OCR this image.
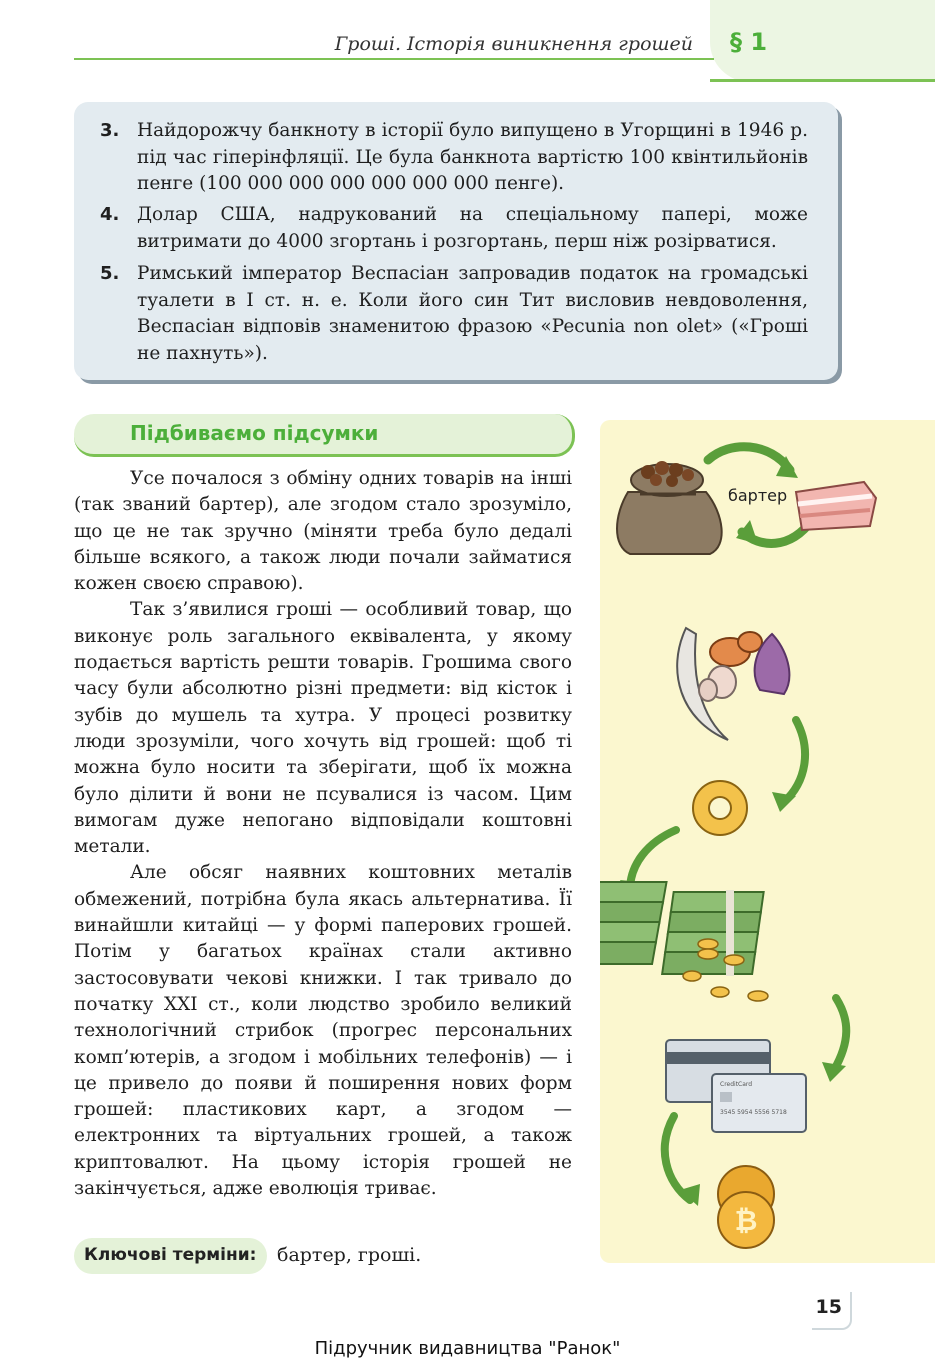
Гроші. Історія виникнення грошей § 1
3. Найдорожчу банкноту в історії було випущено в Угорщині в 1946 р. під час гіперінфляції. Це була банкнота вартістю 100 квінтильйонів пенге (100 000 000 000 000 000 000 пенге).
4. Долар США, надрукований на спеціальному папері, може витримати до 4000 згортань і розгортань, перш ніж розірватися.
5. Римський імператор Веспасіан запровадив податок на громадські туалети в I ст. н. е. Коли його син Тит висловив невдоволення, Веспасіан відповів знаменитою фразою «Pecunia non olet» («Гроші не пахнуть»).
Підбиваємо підсумки

Усе почалося з обміну одних товарів на інші (так званий бартер), але згодом стало зрозуміло, що це не так зручно (міняти треба було дедалі більше всякого, а також люди почали займатися кожен своєю справою).

Так з’явилися гроші — особливий товар, що виконує роль загального еквівалента, у якому подається вартість решти товарів. Грошима свого часу були абсолютно різні предмети: від кісток і зубів до мушель та хутра. У процесі розвитку люди зрозуміли, чого хочуть від грошей: щоб ті можна було носити та зберігати, щоб їх можна було ділити й вони не псувалися із часом. Цим вимогам дуже непогано відповідали коштовні метали.

Але обсяг наявних коштовних металів обмежений, потрібна була якась альтернатива. Її винайшли китайці — у формі паперових грошей. Потім у багатьох країнах стали активно застосовувати чекові книжки. І так тривало до початку XXI ст., коли людство зробило великий технологічний стрибок (прогрес персональних комп’ютерів, а згодом і мобільних телефонів) — і це привело до появи й поширення нових форм грошей: пластикових карт, а згодом — електронних та віртуальних грошей, а також криптовалют. На цьому історія грошей не закінчується, адже еволюція триває.

Ключові терміни: бартер, гроші.
CreditCard
3545 5954 5556 5718
₿
бартер
15
Підручник видавництва "Ранок"
